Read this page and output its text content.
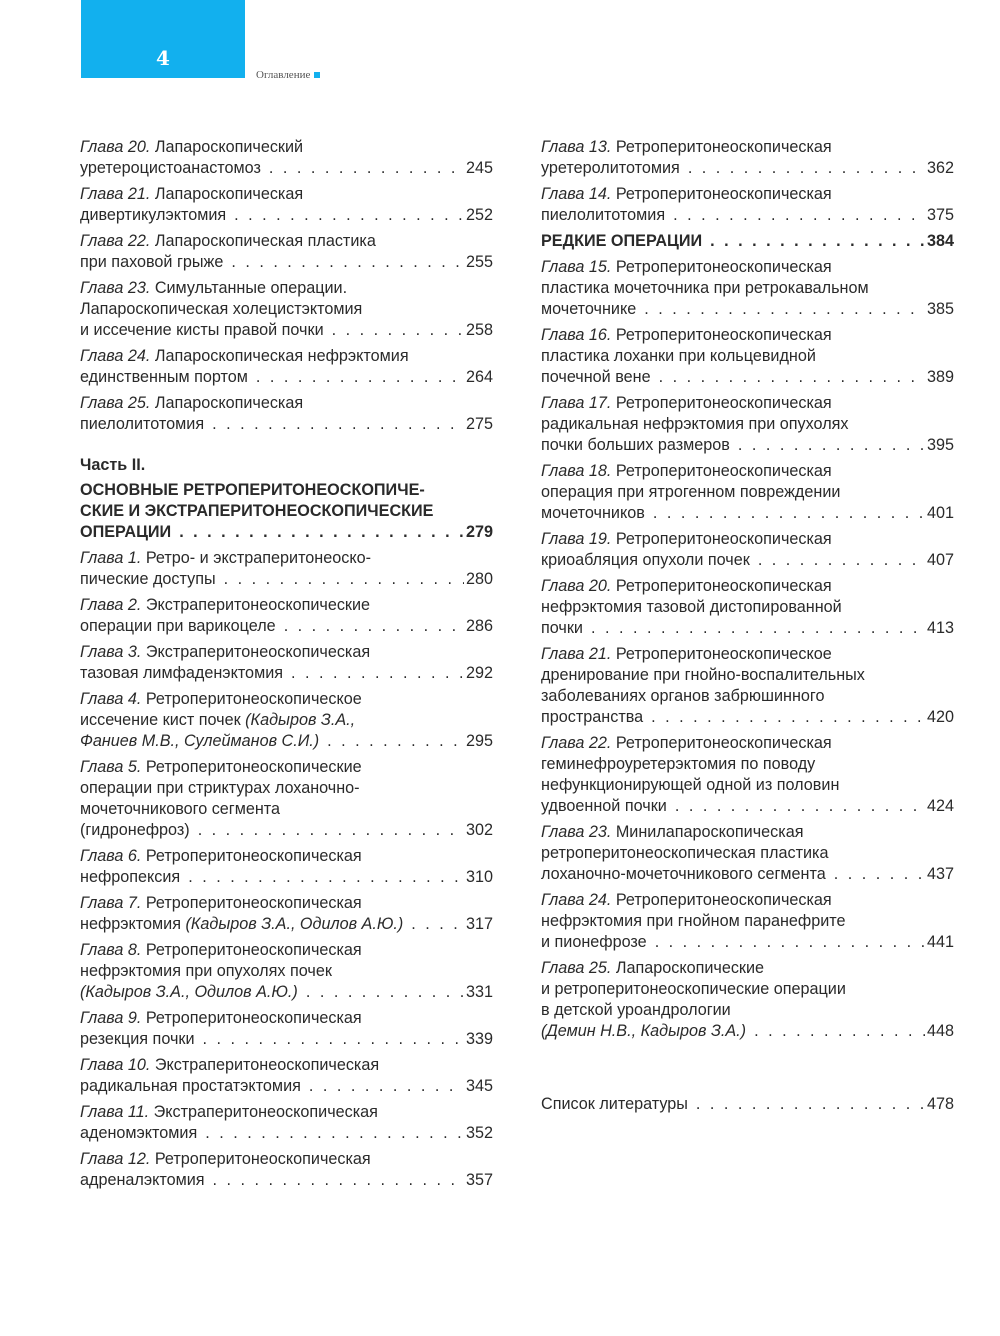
4
Оглавление
Глава 20. Лапароскопический
уретероцистоанастомоз . . .	245
Глава 21. Лапароскопическая
дивертикулэктомия . . .	252
Глава 22. Лапароскопическая пластика
при паховой грыже . . .	255
Глава 23. Симультанные операции.
Лапароскопическая холецистэктомия
и иссечение кисты правой почки . . .	258
Глава 24. Лапароскопическая нефрэктомия
единственным портом . . .	264
Глава 25. Лапароскопическая
пиелолитотомия . . .	275
Часть II.
ОСНОВНЫЕ РЕТРОПЕРИТОНЕОСКОПИЧЕ-
СКИЕ И ЭКСТРАПЕРИТОНЕОСКОПИЧЕСКИЕ
ОПЕРАЦИИ . . .	279
Глава 1. Ретро- и экстраперитонеоско-
пические доступы . . .	280
Глава 2. Экстраперитонеоскопические
операции при варикоцеле . . .	286
Глава 3. Экстраперитонеоскопическая
тазовая лимфаденэктомия . . .	292
Глава 4. Ретроперитонеоскопическое
иссечение кист почек (Кадыров З.А.,
Фаниев М.В., Сулейманов С.И.) . . .	295
Глава 5. Ретроперитонеоскопические
операции при стриктурах лоханочно-
мочеточникового сегмента
(гидронефроз) . . .	302
Глава 6. Ретроперитонеоскопическая
нефропексия . . .	310
Глава 7. Ретроперитонеоскопическая
нефрэктомия (Кадыров З.А., Одилов А.Ю.) . . .	317
Глава 8. Ретроперитонеоскопическая
нефрэктомия при опухолях почек
(Кадыров З.А., Одилов А.Ю.) . . .	331
Глава 9. Ретроперитонеоскопическая
резекция почки . . .	339
Глава 10. Экстраперитонеоскопическая
радикальная простатэктомия . . .	345
Глава 11. Экстраперитонеоскопическая
аденомэктомия . . .	352
Глава 12. Ретроперитонеоскопическая
адреналэктомия . . .	357
Глава 13. Ретроперитонеоскопическая
уретеролитотомия . . .	362
Глава 14. Ретроперитонеоскопическая
пиелолитотомия . . .	375
РЕДКИЕ ОПЕРАЦИИ . . .	384
Глава 15. Ретроперитонеоскопическая
пластика мочеточника при ретрокавальном
мочеточнике . . .	385
Глава 16. Ретроперитонеоскопическая
пластика лоханки при кольцевидной
почечной вене . . .	389
Глава 17. Ретроперитонеоскопическая
радикальная нефрэктомия при опухолях
почки больших размеров . . .	395
Глава 18. Ретроперитонеоскопическая
операция при ятрогенном повреждении
мочеточников . . .	401
Глава 19. Ретроперитонеоскопическая
криоабляция опухоли почек . . .	407
Глава 20. Ретроперитонеоскопическая
нефрэктомия тазовой дистопированной
почки . . .	413
Глава 21. Ретроперитонеоскопическое
дренирование при гнойно-воспалительных
заболеваниях органов забрюшинного
пространства . . .	420
Глава 22. Ретроперитонеоскопическая
геминефроуретерэктомия по поводу
нефункционирующей одной из половин
удвоенной почки . . .	424
Глава 23. Минилапароскопическая
ретроперитонеоскопическая пластика
лоханочно-мочеточникового сегмента . . .	437
Глава 24. Ретроперитонеоскопическая
нефрэктомия при гнойном паранефрите
и пионефрозе . . .	441
Глава 25. Лапароскопические
и ретроперитонеоскопические операции
в детской уроандрологии
(Демин Н.В., Кадыров З.А.) . . .	448
Список литературы . . .	478
